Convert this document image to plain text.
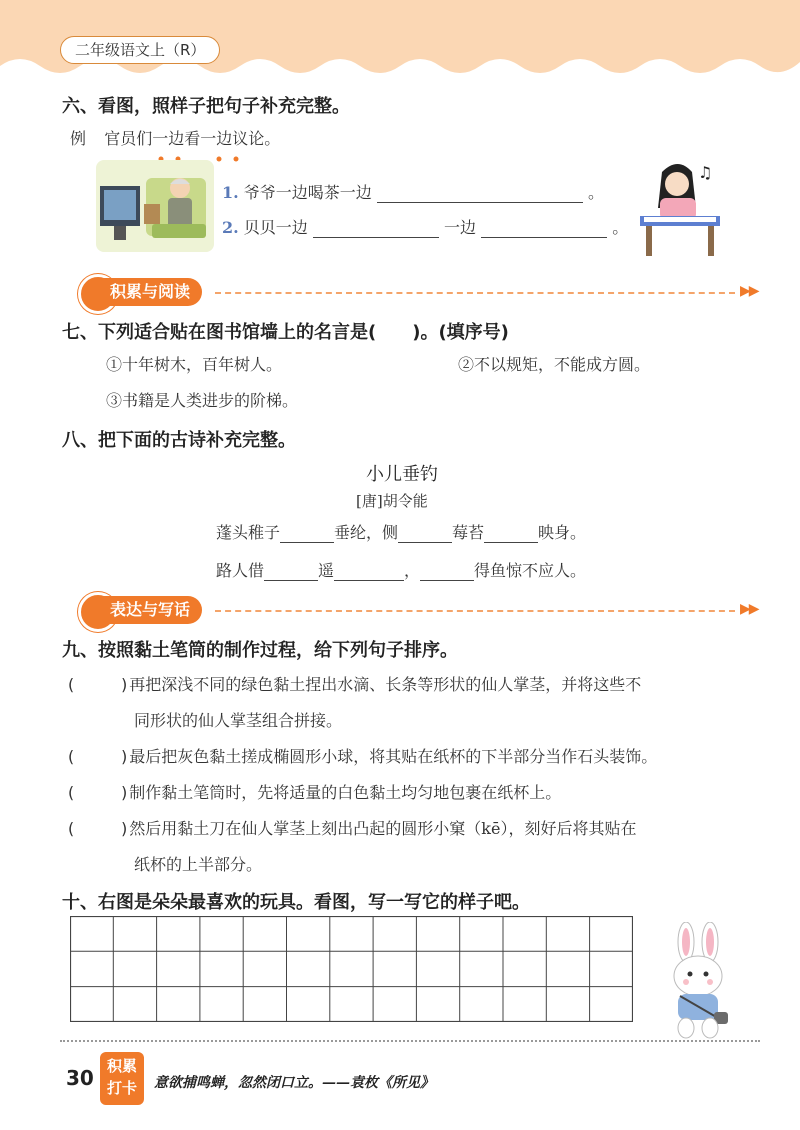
二年级语文上（R）
六、看图，照样子把句子补充完整。
例 官员们一边看一边议论。
1. 爷爷一边喝茶一边	。
2. 贝贝一边	一边	。
♫
积累与阅读	▶▶
七、下列适合贴在图书馆墙上的名言是(　　)。(填序号)
①十年树木，百年树人。	②不以规矩，不能成方圆。
③书籍是人类进步的阶梯。
八、把下面的古诗补充完整。
小儿垂钓
[唐]胡令能
蓬头稚子	垂纶，侧	莓苔	映身。
路人借	遥	，	得鱼惊不应人。
表达与写话	▶▶
九、按照黏土笔筒的制作过程，给下列句子排序。
(	)再把深浅不同的绿色黏土捏出水滴、长条等形状的仙人掌茎，并将这些不
同形状的仙人掌茎组合拼接。
(	)最后把灰色黏土搓成椭圆形小球，将其贴在纸杯的下半部分当作石头装饰。
(	)制作黏土笔筒时，先将适量的白色黏土均匀地包裹在纸杯上。
(	)然后用黏土刀在仙人掌茎上刻出凸起的圆形小窠（kē），刻好后将其贴在
纸杯的上半部分。
十、右图是朵朵最喜欢的玩具。看图，写一写它的样子吧。
30 积累
打卡	意欲捕鸣蝉，忽然闭口立。——袁枚《所见》
